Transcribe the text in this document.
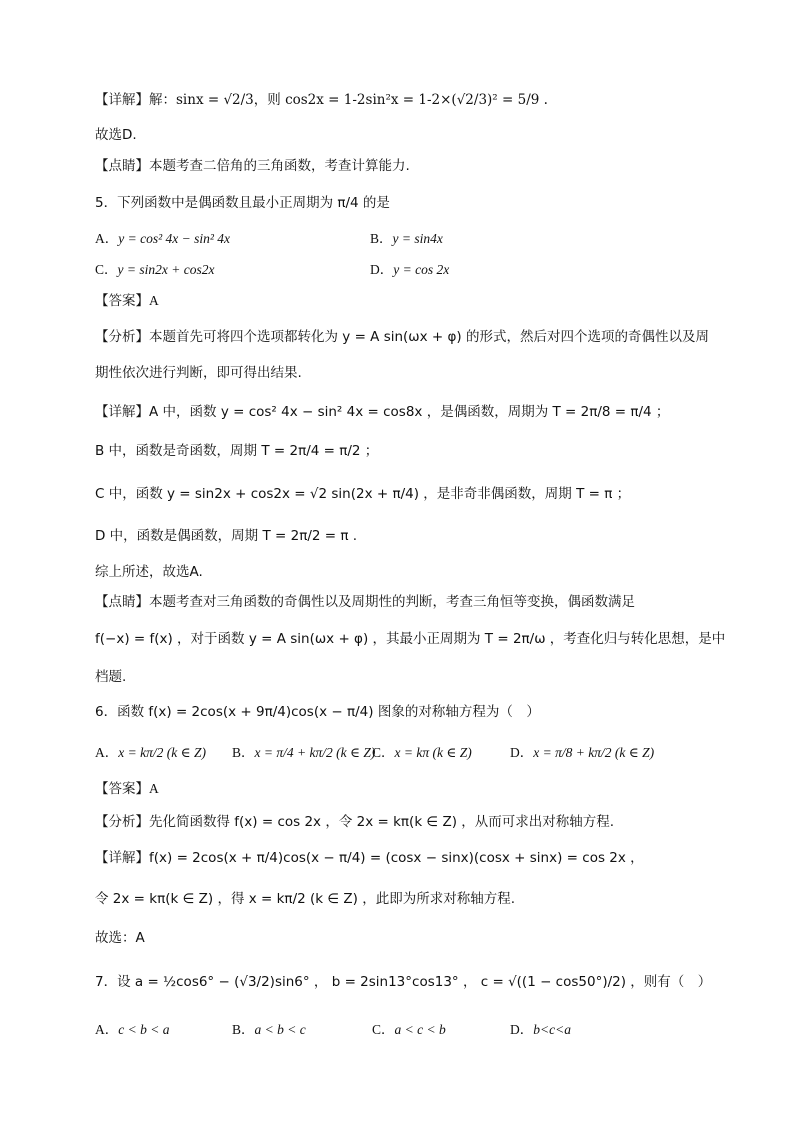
【详解】解：sinx = √2/3，则 cos2x = 1-2sin²x = 1-2×(√2/3)² = 5/9 .
故选D.
【点睛】本题考查二倍角的三角函数，考查计算能力.
5．下列函数中是偶函数且最小正周期为 π/4 的是
A．y = cos² 4x − sin² 4x	B．y = sin4x
C．y = sin2x + cos2x	D．y = cos 2x
【答案】A
【分析】本题首先可将四个选项都转化为 y = A sin(ωx + φ) 的形式，然后对四个选项的奇偶性以及周
期性依次进行判断，即可得出结果.
【详解】A 中，函数 y = cos² 4x − sin² 4x = cos8x ，是偶函数，周期为 T = 2π/8 = π/4 ；
B 中，函数是奇函数，周期 T = 2π/4 = π/2 ；
C 中，函数 y = sin2x + cos2x = √2 sin(2x + π/4) ，是非奇非偶函数，周期 T = π ；
D 中，函数是偶函数，周期 T = 2π/2 = π .
综上所述，故选A.
【点睛】本题考查对三角函数的奇偶性以及周期性的判断，考查三角恒等变换，偶函数满足
f(−x) = f(x) ，对于函数 y = A sin(ωx + φ) ，其最小正周期为 T = 2π/ω ，考查化归与转化思想，是中
档题.
6．函数 f(x) = 2cos(x + 9π/4)cos(x − π/4) 图象的对称轴方程为（　）
A．x = kπ/2 (k ∈ Z) B．x = π/4 + kπ/2 (k ∈ Z)
C．x = kπ (k ∈ Z)	D．x = π/8 + kπ/2 (k ∈ Z)
【答案】A
【分析】先化简函数得 f(x) = cos 2x ，令 2x = kπ(k ∈ Z) ，从而可求出对称轴方程.
【详解】f(x) = 2cos(x + π/4)cos(x − π/4) = (cosx − sinx)(cosx + sinx) = cos 2x ，
令 2x = kπ(k ∈ Z) ，得 x = kπ/2 (k ∈ Z) ，此即为所求对称轴方程.
故选：A
7．设 a = ½cos6° − (√3/2)sin6° ， b = 2sin13°cos13° ， c = √((1 − cos50°)/2) ，则有（　）
A．c < b < a	B．a < b < c	C．a < c < b	D．b<c<a
